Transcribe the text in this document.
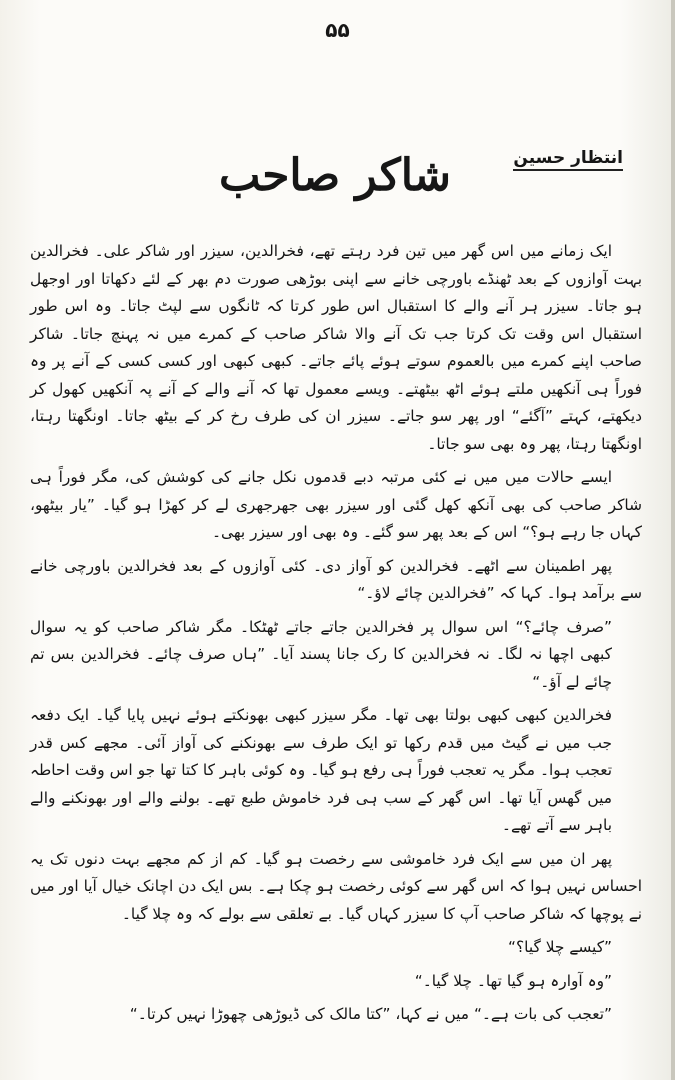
۵۵
انتظار حسین
شاکر صاحب

ایک زمانے میں اس گھر میں تین فرد رہتے تھے، فخرالدین، سیزر اور شاکر علی۔ فخرالدین بہت آوازوں کے بعد ٹھنڈے باورچی خانے سے اپنی بوڑھی صورت دم بھر کے لئے دکھاتا اور اوجھل ہو جاتا۔ سیزر ہر آنے والے کا استقبال اس طور کرتا کہ ٹانگوں سے لپٹ جاتا۔ وہ اس طور استقبال اس وقت تک کرتا جب تک آنے والا شاکر صاحب کے کمرے میں نہ پہنچ جاتا۔ شاکر صاحب اپنے کمرے میں بالعموم سوتے ہوئے پائے جاتے۔ کبھی کبھی اور کسی کسی کے آنے پر وہ فوراً ہی آنکھیں ملتے ہوئے اٹھ بیٹھتے۔ ویسے معمول تھا کہ آنے والے کے آنے پہ آنکھیں کھول کر دیکھتے، کہتے ”آگئے“ اور پھر سو جاتے۔ سیزر ان کی طرف رخ کر کے بیٹھ جاتا۔ اونگھتا رہتا، اونگھتا رہتا، پھر وہ بھی سو جاتا۔

ایسے حالات میں میں نے کئی مرتبہ دبے قدموں نکل جانے کی کوشش کی، مگر فوراً ہی شاکر صاحب کی بھی آنکھ کھل گئی اور سیزر بھی جھرجھری لے کر کھڑا ہو گیا۔ ”یار بیٹھو، کہاں جا رہے ہو؟“ اس کے بعد پھر سو گئے۔ وہ بھی اور سیزر بھی۔

پھر اطمینان سے اٹھے۔ فخرالدین کو آواز دی۔ کئی آوازوں کے بعد فخرالدین باورچی خانے سے برآمد ہوا۔ کہا کہ ”فخرالدین چائے لاؤ۔“

”صرف چائے؟“ اس سوال پر فخرالدین جاتے جاتے ٹھٹکا۔ مگر شاکر صاحب کو یہ سوال کبھی اچھا نہ لگا۔ نہ فخرالدین کا رک جانا پسند آیا۔ ”ہاں صرف چائے۔ فخرالدین بس تم چائے لے آؤ۔“

فخرالدین کبھی کبھی بولتا بھی تھا۔ مگر سیزر کبھی بھونکتے ہوئے نہیں پایا گیا۔ ایک دفعہ جب میں نے گیٹ میں قدم رکھا تو ایک طرف سے بھونکنے کی آواز آئی۔ مجھے کس قدر تعجب ہوا۔ مگر یہ تعجب فوراً ہی رفع ہو گیا۔ وہ کوئی باہر کا کتا تھا جو اس وقت احاطہ میں گھس آیا تھا۔ اس گھر کے سب ہی فرد خاموش طبع تھے۔ بولنے والے اور بھونکنے والے باہر سے آتے تھے۔

پھر ان میں سے ایک فرد خاموشی سے رخصت ہو گیا۔ کم از کم مجھے بہت دنوں تک یہ احساس نہیں ہوا کہ اس گھر سے کوئی رخصت ہو چکا ہے۔ بس ایک دن اچانک خیال آیا اور میں نے پوچھا کہ شاکر صاحب آپ کا سیزر کہاں گیا۔ بے تعلقی سے بولے کہ وہ چلا گیا۔

”کیسے چلا گیا؟“

”وہ آوارہ ہو گیا تھا۔ چلا گیا۔“

”تعجب کی بات ہے۔“ میں نے کہا، ”کتا مالک کی ڈیوڑھی چھوڑا نہیں کرتا۔“
